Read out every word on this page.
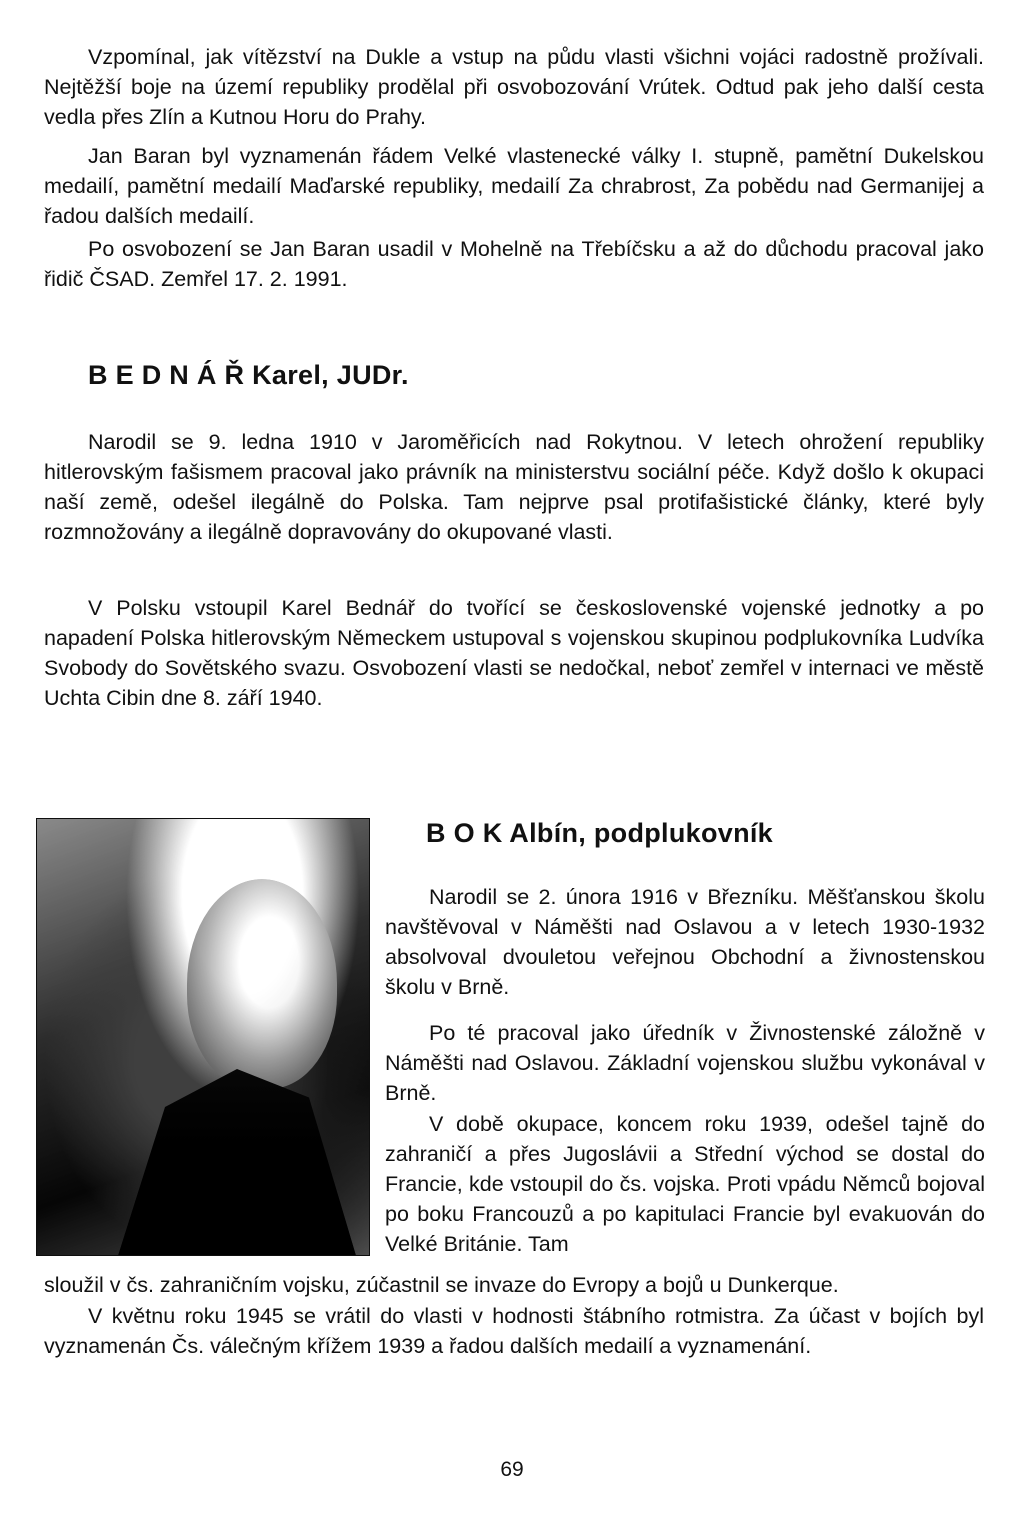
Vzpomínal, jak vítězství na Dukle a vstup na půdu vlasti všichni vojáci radostně prožívali. Nejtěžší boje na území republiky prodělal při osvobozování Vrútek. Odtud pak jeho další cesta vedla přes Zlín a Kutnou Horu do Prahy.

Jan Baran byl vyznamenán řádem Velké vlastenecké války I. stupně, pamětní Dukelskou medailí, pamětní medailí Maďarské republiky, medailí Za chrabrost, Za pobědu nad Germanijej a řadou dalších medailí.

Po osvobození se Jan Baran usadil v Mohelně na Třebíčsku a až do důchodu pracoval jako řidič ČSAD. Zemřel 17. 2. 1991.

B E D N Á Ř Karel, JUDr.

Narodil se 9. ledna 1910 v Jaroměřicích nad Rokytnou. V letech ohrožení republiky hitlerovským fašismem pracoval jako právník na ministerstvu sociální péče. Když došlo k okupaci naší země, odešel ilegálně do Polska. Tam nejprve psal protifašistické články, které byly rozmnožovány a ilegálně dopravovány do okupované vlasti.

V Polsku vstoupil Karel Bednář do tvořící se československé vojenské jednotky a po napadení Polska hitlerovským Německem ustupoval s vojenskou skupinou podplukovníka Ludvíka Svobody do Sovětského svazu. Osvobození vlasti se nedočkal, neboť zemřel v internaci ve městě Uchta Cibin dne 8. září 1940.

B O K Albín, podplukovník

Narodil se 2. února 1916 v Březníku. Měšťanskou školu navštěvoval v Náměšti nad Oslavou a v letech 1930-1932 absolvoval dvouletou veřejnou Obchodní a živnostenskou školu v Brně.

Po té pracoval jako úředník v Živnostenské záložně v Náměšti nad Oslavou. Základní vojenskou službu vykonával v Brně.

V době okupace, koncem roku 1939, odešel tajně do zahraničí a přes Jugoslávii a Střední východ se dostal do Francie, kde vstoupil do čs. vojska. Proti vpádu Němců bojoval po boku Francouzů a po kapitulaci Francie byl evakuován do Velké Británie. Tam

sloužil v čs. zahraničním vojsku, zúčastnil se invaze do Evropy a bojů u Dunkerque.

V květnu roku 1945 se vrátil do vlasti v hodnosti štábního rotmistra. Za účast v bojích byl vyznamenán Čs. válečným křížem 1939 a řadou dalších medailí a vyznamenání.

69
